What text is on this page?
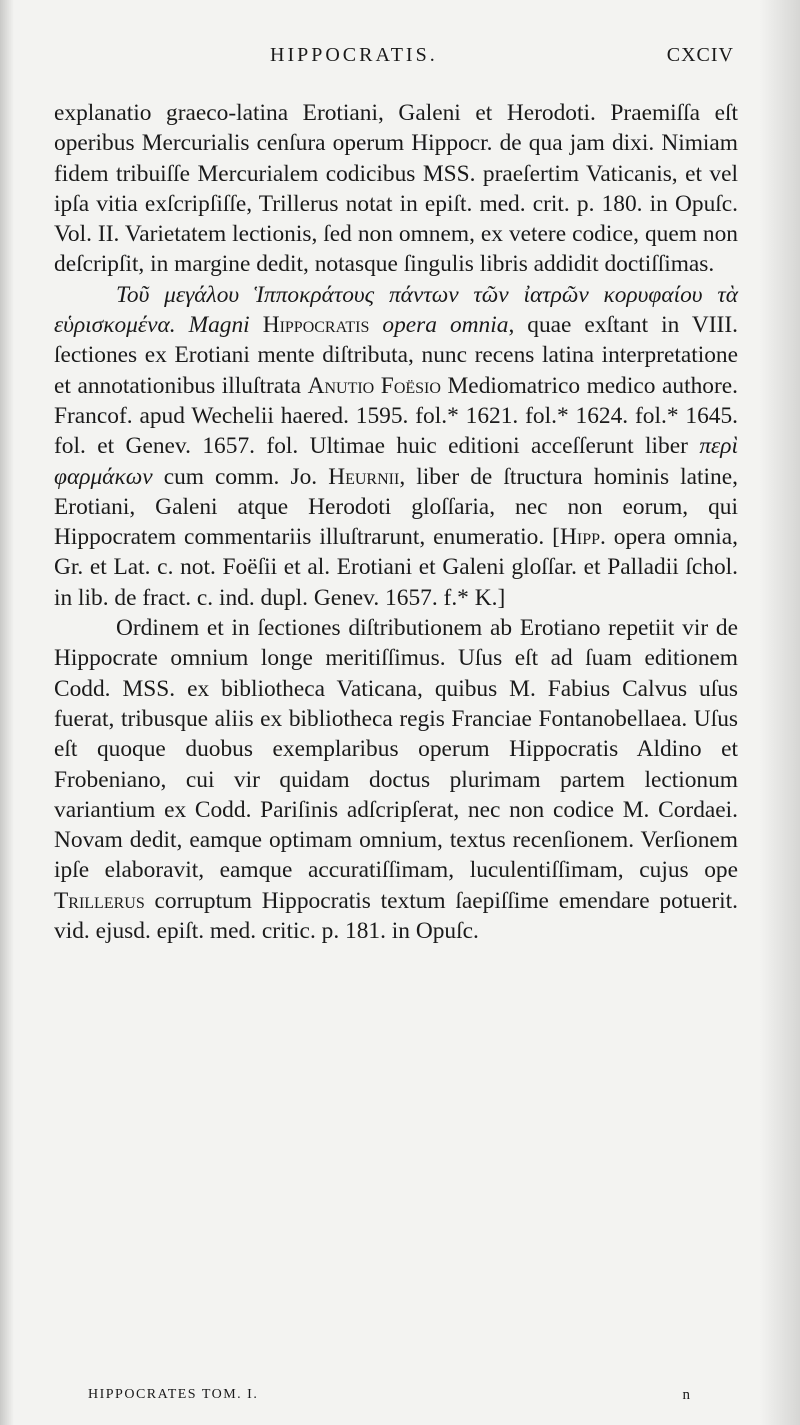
HIPPOCRATIS.	CXCIV

explanatio graeco-latina Erotiani, Galeni et Herodoti. Praemiſſa eſt operibus Mercurialis cenſura operum Hippocr. de qua jam dixi. Nimiam fidem tribuiſſe Mercurialem codicibus MSS. praeſertim Vaticanis, et vel ipſa vitia exſcripſiſſe, Trillerus notat in epiſt. med. crit. p. 180. in Opuſc. Vol. II. Varietatem lectionis, ſed non omnem, ex vetere codice, quem non deſcripſit, in margine dedit, notasque ſingulis libris addidit doctiſſimas.

Τοῦ μεγάλου Ἱπποκράτους πάντων τῶν ἰατρῶν κορυφαίου τὰ εὑρισκομένα. Magni Hippocratis opera omnia, quae exſtant in VIII. ſectiones ex Erotiani mente diſtributa, nunc recens latina interpretatione et annotationibus illuſtrata Anutio Foësio Mediomatrico medico authore. Francof. apud Wechelii haered. 1595. fol.* 1621. fol.* 1624. fol.* 1645. fol. et Genev. 1657. fol. Ultimae huic editioni acceſſerunt liber περὶ φαρμάκων cum comm. Jo. Heurnii, liber de ſtructura hominis latine, Erotiani, Galeni atque Herodoti gloſſaria, nec non eorum, qui Hippocratem commentariis illuſtrarunt, enumeratio. [Hipp. opera omnia, Gr. et Lat. c. not. Foëſii et al. Erotiani et Galeni gloſſar. et Palladii ſchol. in lib. de fract. c. ind. dupl. Genev. 1657. f.* K.]

Ordinem et in ſectiones diſtributionem ab Erotiano repetiit vir de Hippocrate omnium longe meritiſſimus. Uſus eſt ad ſuam editionem Codd. MSS. ex bibliotheca Vaticana, quibus M. Fabius Calvus uſus fuerat, tribusque aliis ex bibliotheca regis Franciae Fontanobellaea. Uſus eſt quoque duobus exemplaribus operum Hippocratis Aldino et Frobeniano, cui vir quidam doctus plurimam partem lectionum variantium ex Codd. Pariſinis adſcripſerat, nec non codice M. Cordaei. Novam dedit, eamque optimam omnium, textus recenſionem. Verſionem ipſe elaboravit, eamque accuratiſſimam, luculentiſſimam, cujus ope Trillerus corruptum Hippocratis textum ſaepiſſime emendare potuerit. vid. ejusd. epiſt. med. critic. p. 181. in Opuſc.

HIPPOCRATES TOM. I.	n
